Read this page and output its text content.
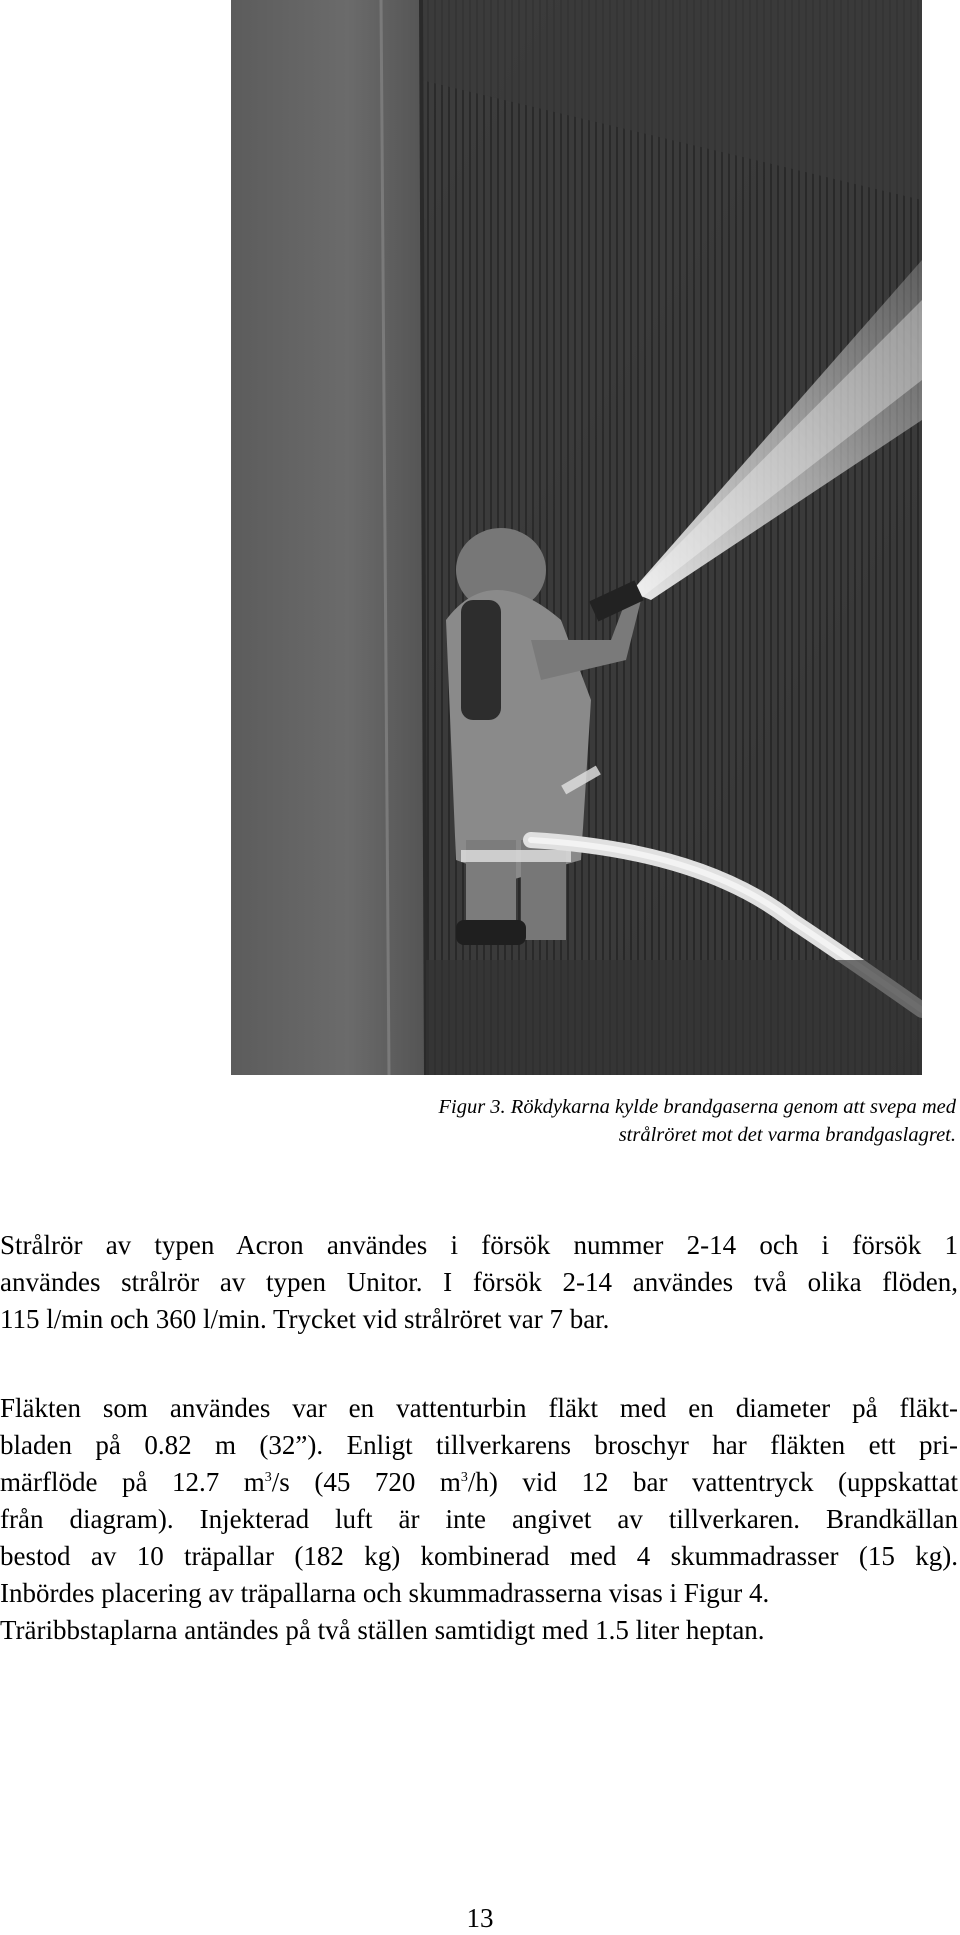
Figur 3. Rökdykarna kylde brandgaserna genom att svepa med
strålröret mot det varma brandgaslagret.
Strålrör av typen Acron användes i försök nummer 2-14 och i försök 1
användes strålrör av typen Unitor. I försök 2-14 användes två olika flöden,
115 l/min och 360 l/min. Trycket vid strålröret var 7 bar.
Fläkten som användes var en vattenturbin fläkt med en diameter på fläkt-
bladen på 0.82 m (32”). Enligt tillverkarens broschyr har fläkten ett pri-
märflöde på 12.7 $m^3/s$ (45 720 $m^3/h$) vid 12 bar vattentryck (uppskattat
från diagram). Injekterad luft är inte angivet av tillverkaren. Brandkällan
bestod av 10 träpallar (182 kg) kombinerad med 4 skummadrasser (15 kg).
Inbördes placering av träpallarna och skummadrasserna visas i Figur 4.
Träribbstaplarna antändes på två ställen samtidigt med 1.5 liter heptan.
13
